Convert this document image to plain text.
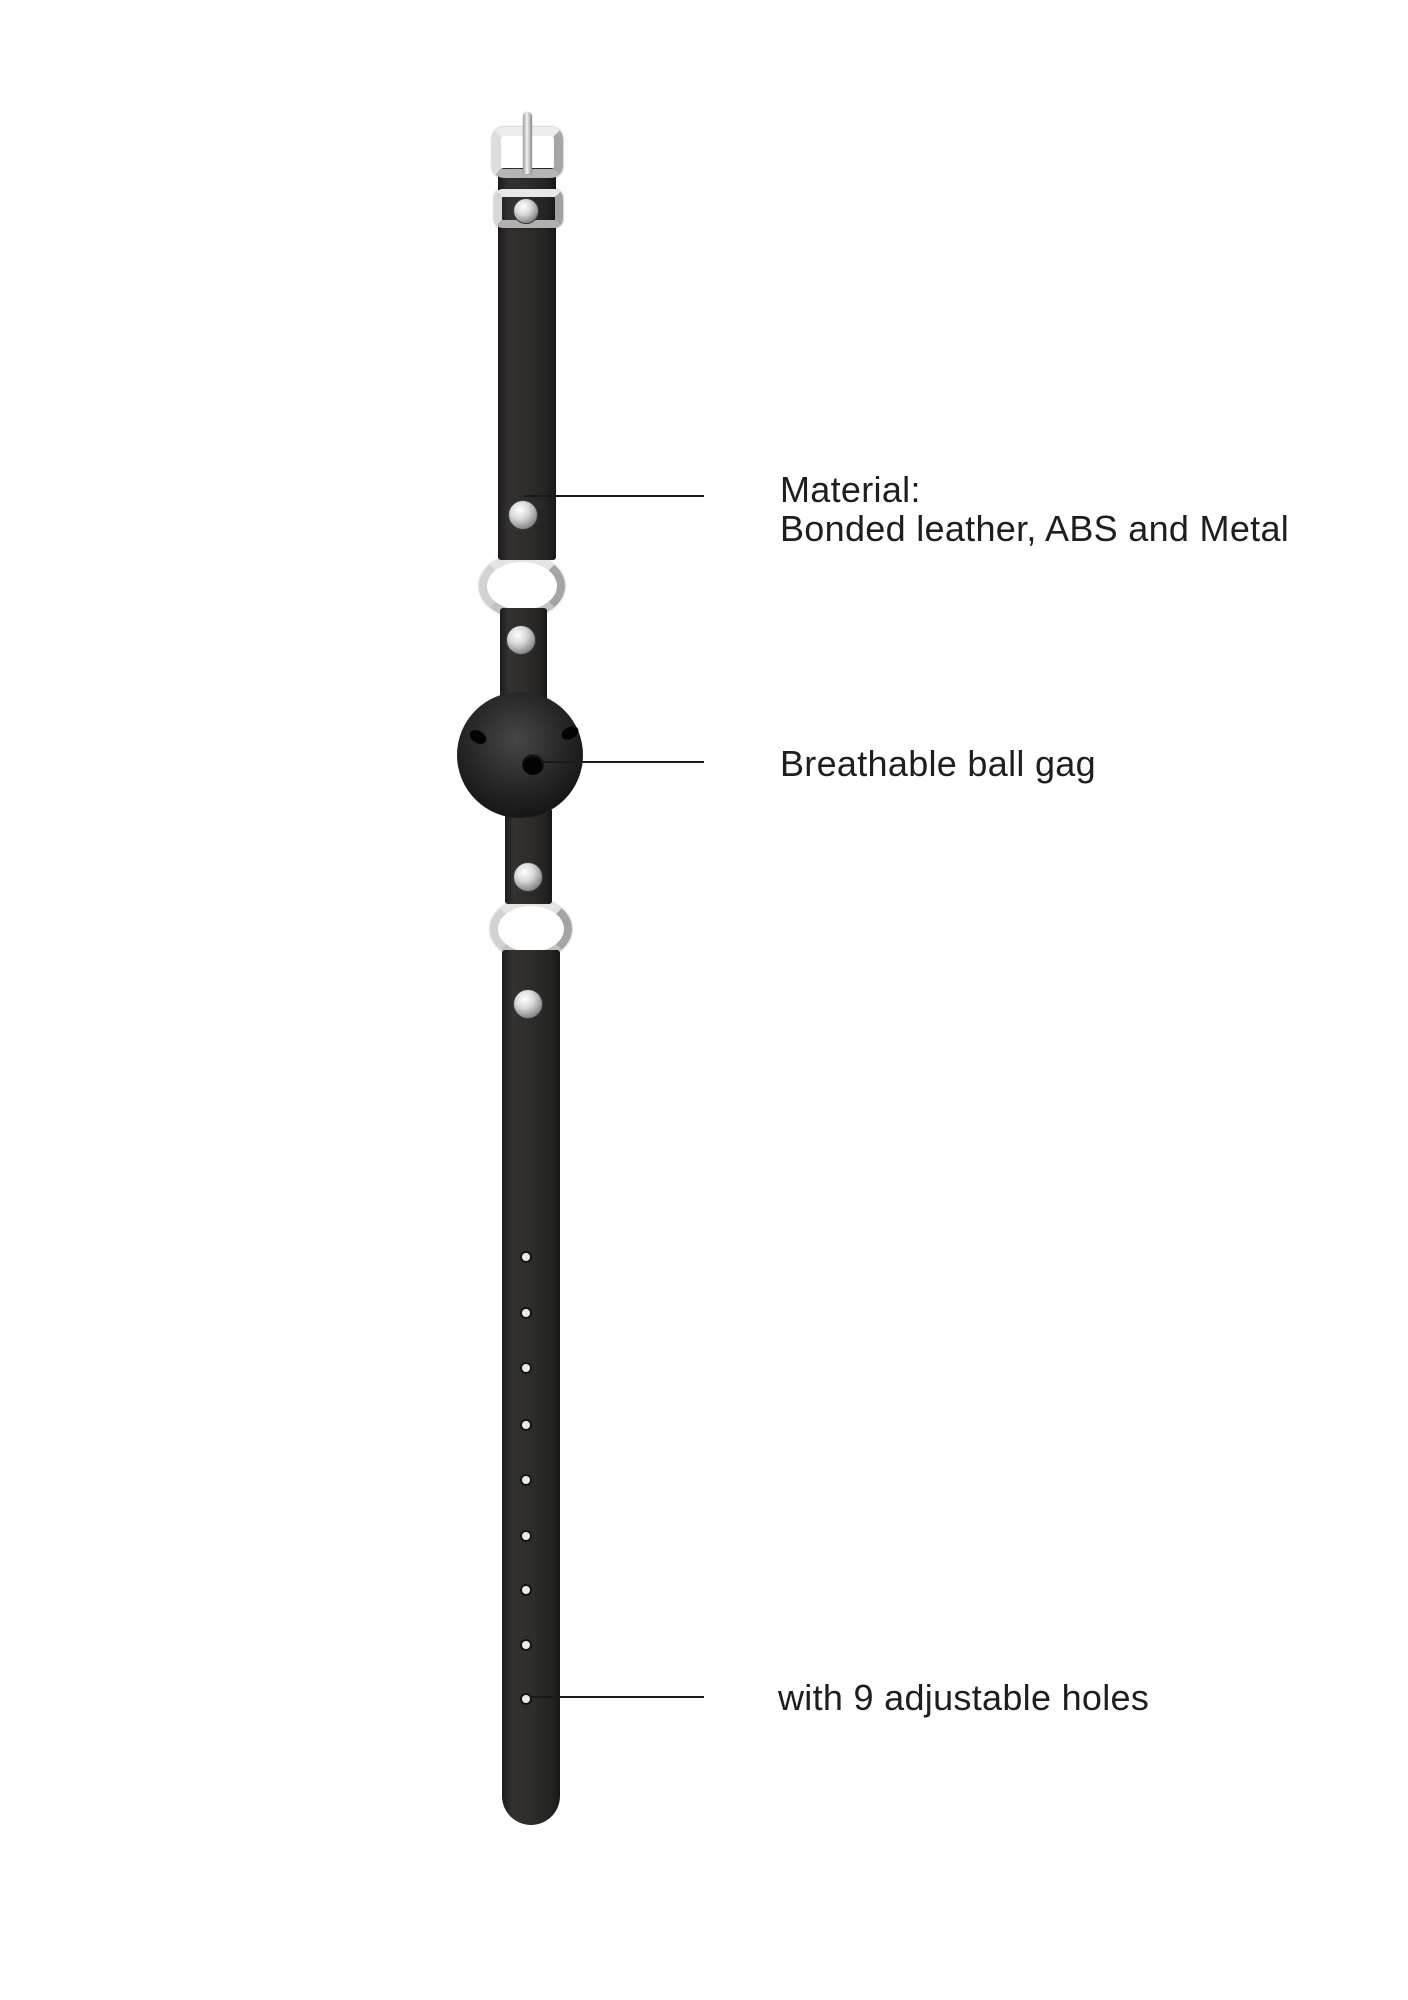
Material:
Bonded leather, ABS and Metal
Breathable ball gag
with 9 adjustable holes
